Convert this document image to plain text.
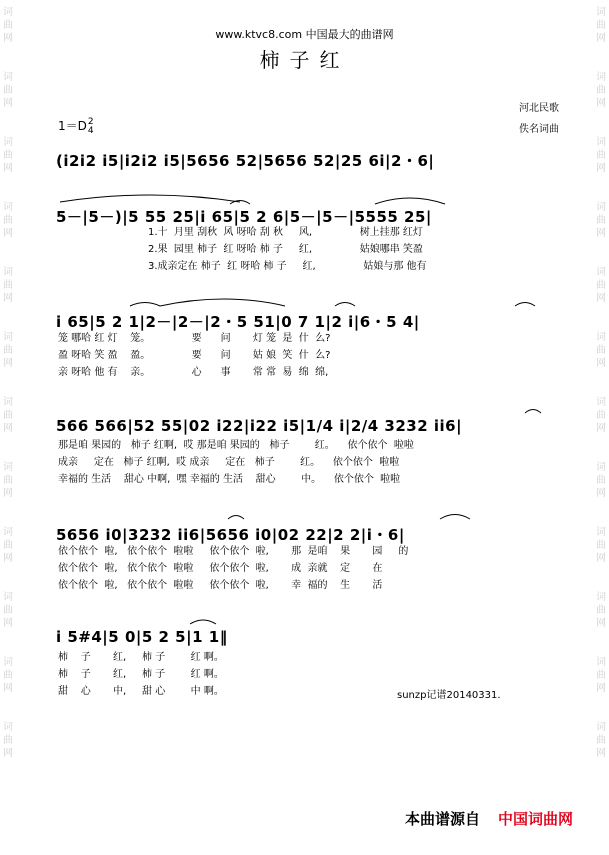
词
曲
网

词
曲
网

词
曲
网

词
曲
网

词
曲
网

词
曲
网

词
曲
网

词
曲
网

词
曲
网

词
曲
网

词
曲
网

词
曲
网
词
曲
网

词
曲
网

词
曲
网

词
曲
网

词
曲
网

词
曲
网

词
曲
网

词
曲
网

词
曲
网

词
曲
网

词
曲
网

词
曲
网
www.ktvc8.com 中国最大的曲谱网
柿子红
1＝D 2
4
河北民歌
佚名词曲
(i2i2 i5|i2i2 i5|5656 52|5656 52|25 6i|2・6|
5－|5－)|5 55 25|i 65|5 2 6|5－|5－|5555 25|
i 65|5 2 1|2－|2－|2・5 51|0 7 1|2 i|6・5 4|
566 566|52 55|02 i22|i22 i5|1/4 i|2/4 3232 ii6|
5656 i0|3232 ii6|5656 i0|02 22|2 2|i・6|
i 5#4|5 0|5 2 5|1 1‖
1.十  月里 刮秋  风 呀哈 刮 秋     风,               树上挂那 红灯
2.果  园里 柿子  红 呀哈 柿 子     红,               姑娘哪串 笑盈
3.成亲定在 柿子  红 呀哈 柿 子     红,               姑娘与那 他有
笼 哪哈 红 灯    笼。             要      问       灯 笼  是  什  么?
盈 呀哈 笑 盈    盈。             要      问       姑 娘  笑  什  么?
亲 呀哈 他 有    亲。             心      事       常 常  易  绵  绵,
那是咱 果园的   柿子 红啊,  哎 那是咱 果园的   柿子        红。    依个依个  啦啦
成亲     定在   柿子 红啊,  哎 成亲     定在   柿子        红。    依个依个  啦啦
幸福的 生活    甜心 中啊,  嘿 幸福的 生活    甜心        中。    依个依个  啦啦
依个依个  啦,   依个依个  啦啦     依个依个  啦,       那  是咱    果       园     的
依个依个  啦,   依个依个  啦啦     依个依个  啦,       成  亲就    定       在
依个依个  啦,   依个依个  啦啦     依个依个  啦,       幸  福的    生       活
柿    子       红,     柿 子        红 啊。
柿    子       红,     柿 子        红 啊。
甜    心       中,     甜 心        中 啊。	sunzp记谱20140331.
本曲谱源自 中国词曲网
